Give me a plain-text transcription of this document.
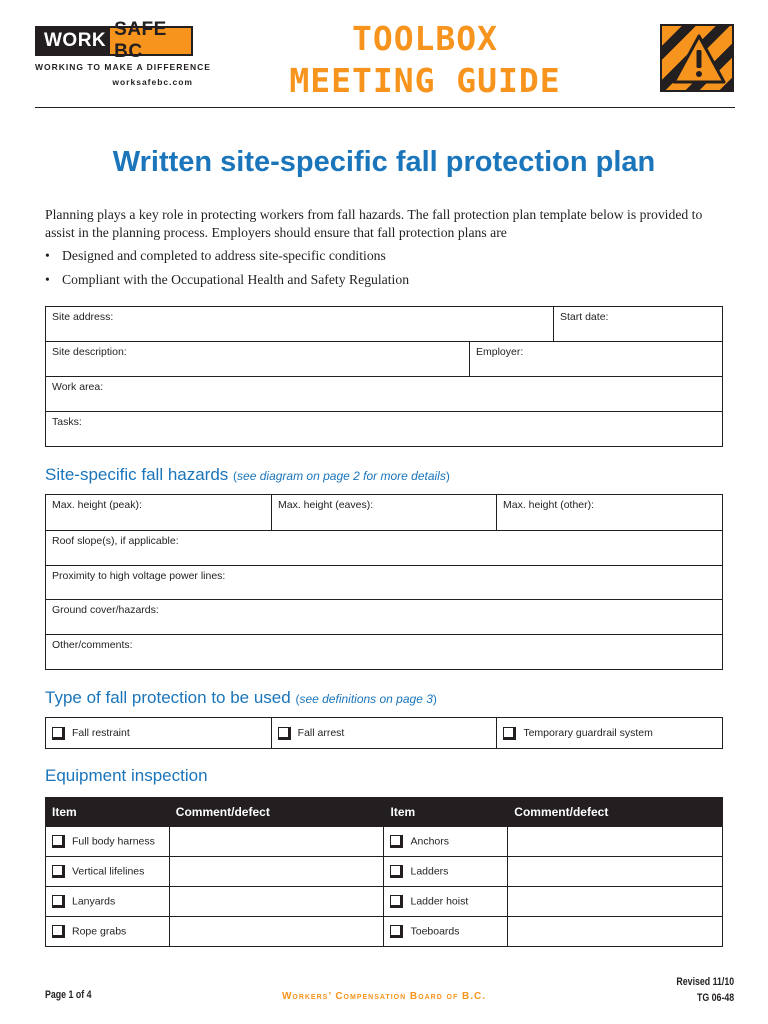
WORK
SAFE BC
WORKING TO MAKE A DIFFERENCE
worksafebc.com
TOOLBOX
MEETING GUIDE
Written site-specific fall protection plan
Planning plays a key role in protecting workers from fall hazards. The fall protection plan template below is provided to assist in the planning process. Employers should ensure that fall protection plans are
• Designed and completed to address site-specific conditions
• Compliant with the Occupational Health and Safety Regulation
Site address:	Start date:
Site description:	Employer:
Work area:
Tasks:
Site-specific fall hazards (see diagram on page 2 for more details)
Max. height (peak):	Max. height (eaves):	Max. height (other):
Roof slope(s), if applicable:
Proximity to high voltage power lines:
Ground cover/hazards:
Other/comments:
Type of fall protection to be used (see definitions on page 3)
Fall restraint	Fall arrest	Temporary guardrail system
Equipment inspection
Item	Comment/defect	Item	Comment/defect
Full body harness		Anchors	
Vertical lifelines		Ladders	
Lanyards		Ladder hoist	
Rope grabs		Toeboards	
Page 1 of 4	Workers’ Compensation Board of B.C.
Revised 11/10
TG 06-48
